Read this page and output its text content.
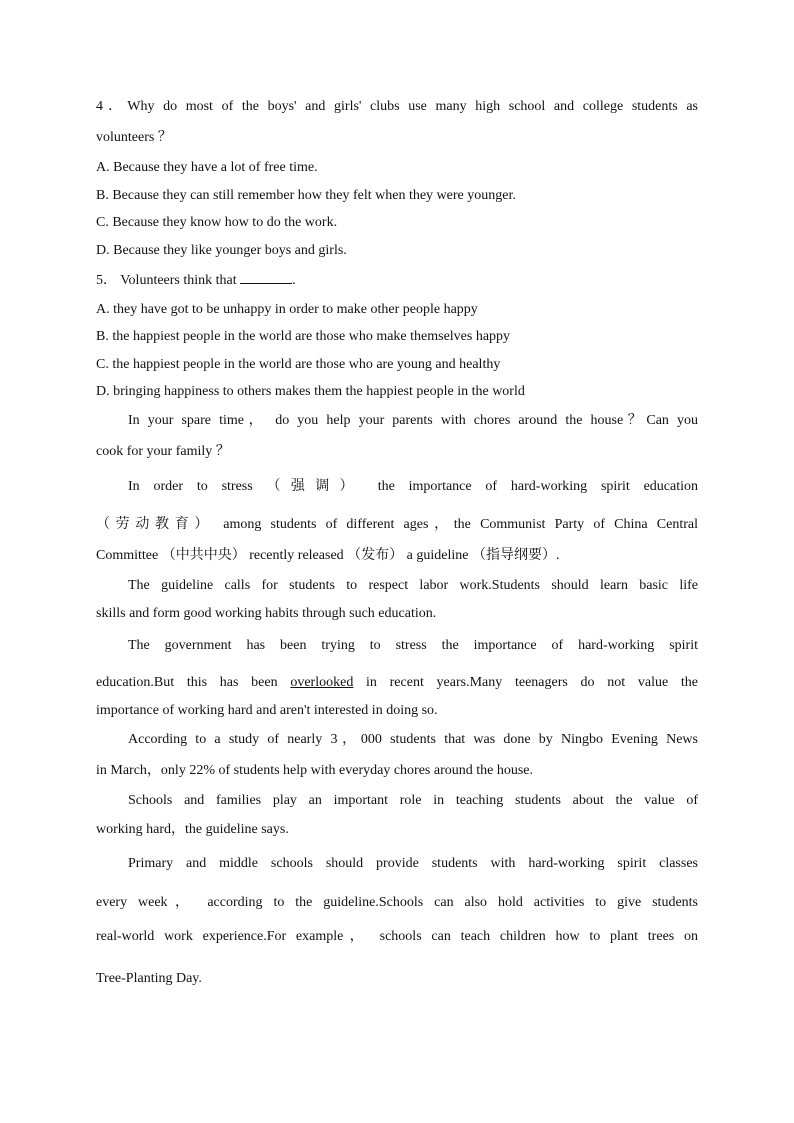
4．Why do most of the boys' and girls' clubs use many high school and college students as
volunteers ？
A. Because they have a lot of free time.
B. Because they can still remember how they felt when they were younger.
C. Because they know how to do the work.
D. Because they like younger boys and girls.
5． Volunteers think that	.
A. they have got to be unhappy in order to make other people happy
B. the happiest people in the world are those who make themselves happy
C. the happiest people in the world are those who are young and healthy
D. bringing happiness to others makes them the happiest people in the world
In your spare time， do you help your parents with chores around the house？Can you
cook for your family ？
In order to stress （强调） the importance of hard-working spirit education
（劳动教育） among students of different ages，the Communist Party of China Central
Committee （中共中央） recently released （发布） a guideline （指导纲要）.
The guideline calls for students to respect labor work.Students should learn basic life
skills and form good working habits through such education.
The government has been trying to stress the importance of hard-working spirit
education.But this has been overlooked in recent years.Many teenagers do not value the
importance of working hard and aren't interested in doing so.
According to a study of nearly 3，000 students that was done by Ningbo Evening News
in March，only 22% of students help with everyday chores around the house.
Schools and families play an important role in teaching students about the value of
working hard，the guideline says.
Primary and middle schools should provide students with hard-working spirit classes
every week， according to the guideline.Schools can also hold activities to give students
real-world work experience.For example， schools can teach children how to plant trees on
Tree-Planting Day.
